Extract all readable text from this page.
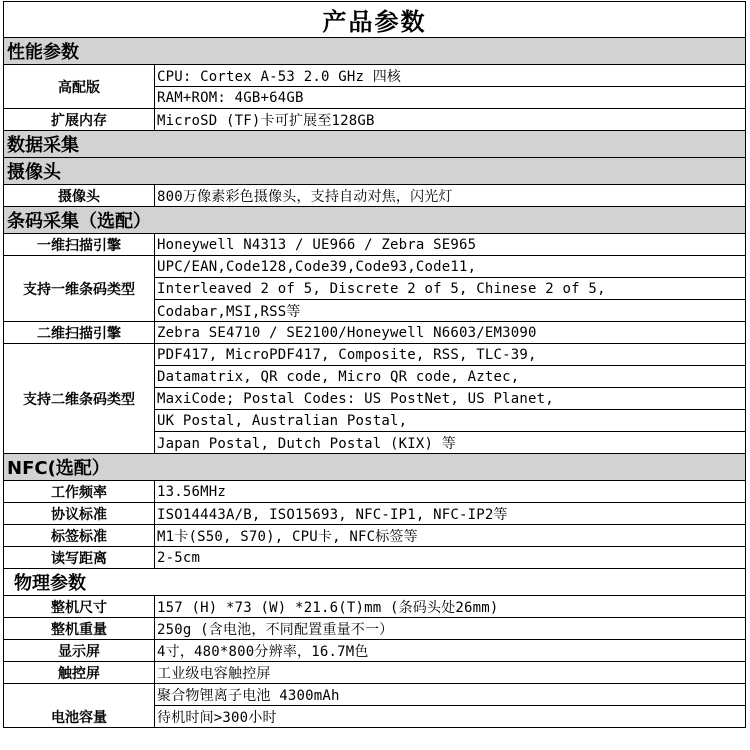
产品参数	
性能参数	
高配版	CPU: Cortex A-53 2.0 GHz 四核
	RAM+ROM: 4GB+64GB
扩展内存	MicroSD (TF)卡可扩展至128GB
数据采集	
摄像头	
摄像头	800万像素彩色摄像头，支持自动对焦，闪光灯
条码采集（选配）	
一维扫描引擎	Honeywell N4313 / UE966 / Zebra SE965
支持一维条码类型	UPC/EAN,Code128,Code39,Code93,Code11,
	Interleaved 2 of 5, Discrete 2 of 5, Chinese 2 of 5,
	Codabar,MSI,RSS等
二维扫描引擎	Zebra SE4710 / SE2100/Honeywell N6603/EM3090
支持二维条码类型	PDF417, MicroPDF417, Composite, RSS, TLC-39,
	Datamatrix, QR code, Micro QR code, Aztec,
	MaxiCode; Postal Codes: US PostNet, US Planet,
	UK Postal, Australian Postal,
	Japan Postal, Dutch Postal (KIX) 等
NFC(选配）	
工作频率	13.56MHz
协议标准	ISO14443A/B, ISO15693, NFC-IP1, NFC-IP2等
标签标准	M1卡(S50, S70), CPU卡, NFC标签等
读写距离	2-5cm
物理参数	
整机尺寸	157 (H) *73 (W) *21.6(T)mm (条码头处26mm)
整机重量	250g (含电池，不同配置重量不一）
显示屏	4寸，480*800分辨率，16.7M色
触控屏	工业级电容触控屏
	聚合物锂离子电池 4300mAh
电池容量	待机时间>300小时
